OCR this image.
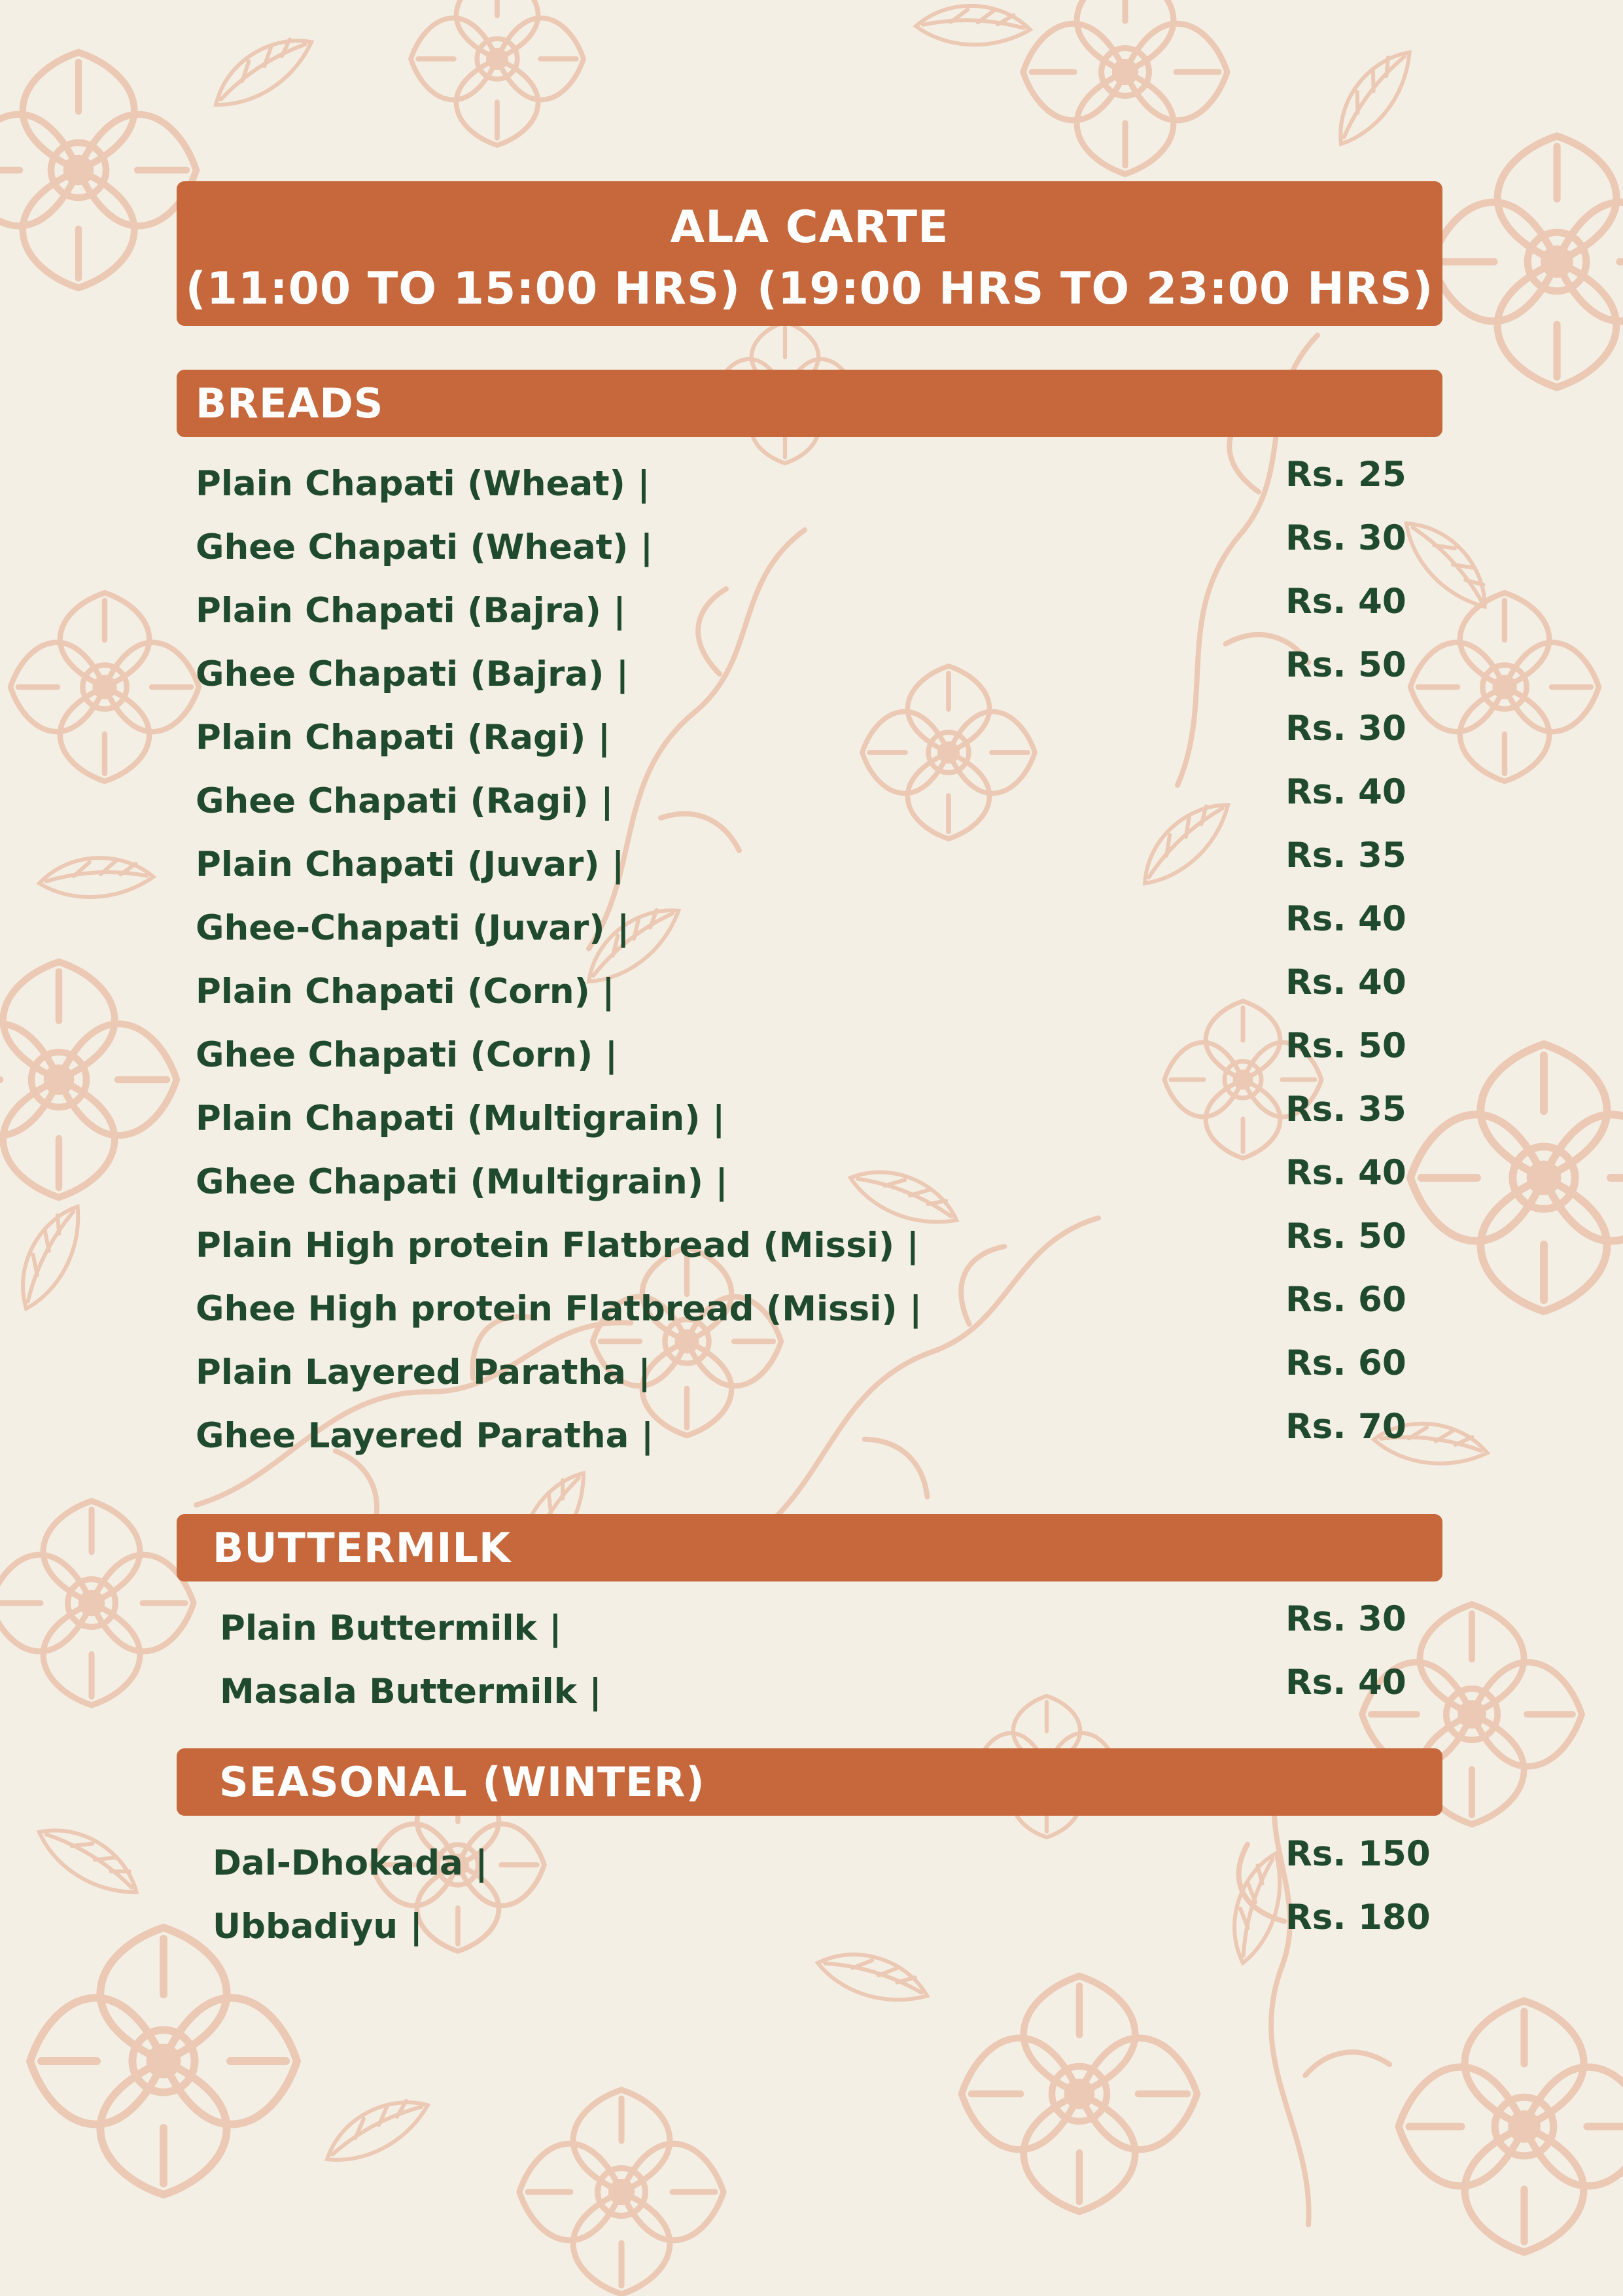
ALA CARTE
(11:00 TO 15:00 HRS) (19:00 HRS TO 23:00 HRS)
BREADS
Plain Chapati (Wheat) |	Rs. 25
Ghee Chapati (Wheat) |	Rs. 30
Plain Chapati (Bajra) |	Rs. 40
Ghee Chapati (Bajra) |	Rs. 50
Plain Chapati (Ragi) |	Rs. 30
Ghee Chapati (Ragi) |	Rs. 40
Plain Chapati (Juvar) |	Rs. 35
Ghee-Chapati (Juvar) |	Rs. 40
Plain Chapati (Corn) |	Rs. 40
Ghee Chapati (Corn) |	Rs. 50
Plain Chapati (Multigrain) |	Rs. 35
Ghee Chapati (Multigrain) |	Rs. 40
Plain High protein Flatbread (Missi) |	Rs. 50
Ghee High protein Flatbread (Missi) |	Rs. 60
Plain Layered Paratha |	Rs. 60
Ghee Layered Paratha |	Rs. 70
BUTTERMILK
Plain Buttermilk |	Rs. 30
Masala Buttermilk |	Rs. 40
SEASONAL (WINTER)
Dal-Dhokada |	Rs. 150
Ubbadiyu |	Rs. 180
